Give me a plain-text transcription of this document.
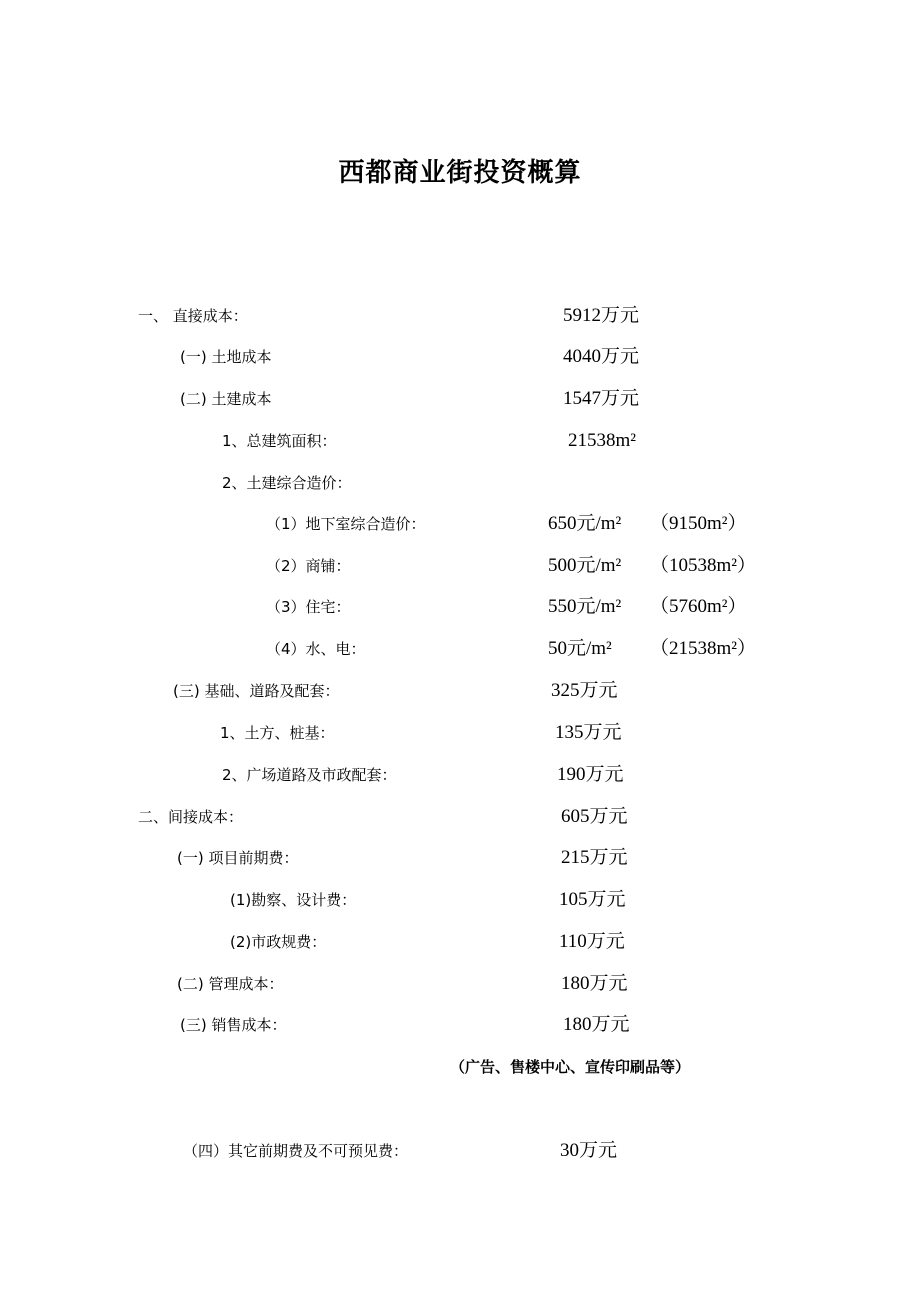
西都商业街投资概算
一、 直接成本：	5912万元
(一) 土地成本	4040万元
(二) 土建成本	1547万元
1、总建筑面积：	21538m²
2、土建综合造价：
（1）地下室综合造价：	650元/m² （9150m²）
（2）商铺：	500元/m² （10538m²）
（3）住宅：	550元/m² （5760m²）
（4）水、电：	50元/m² （21538m²）
(三) 基础、道路及配套：	325万元
1、土方、桩基：	135万元
2、广场道路及市政配套：	190万元
二、间接成本：	605万元
(一) 项目前期费：	215万元
(1)勘察、设计费：	105万元
(2)市政规费：	110万元
(二) 管理成本：	180万元
(三) 销售成本：	180万元
（广告、售楼中心、宣传印刷品等）
（四）其它前期费及不可预见费：	30万元
